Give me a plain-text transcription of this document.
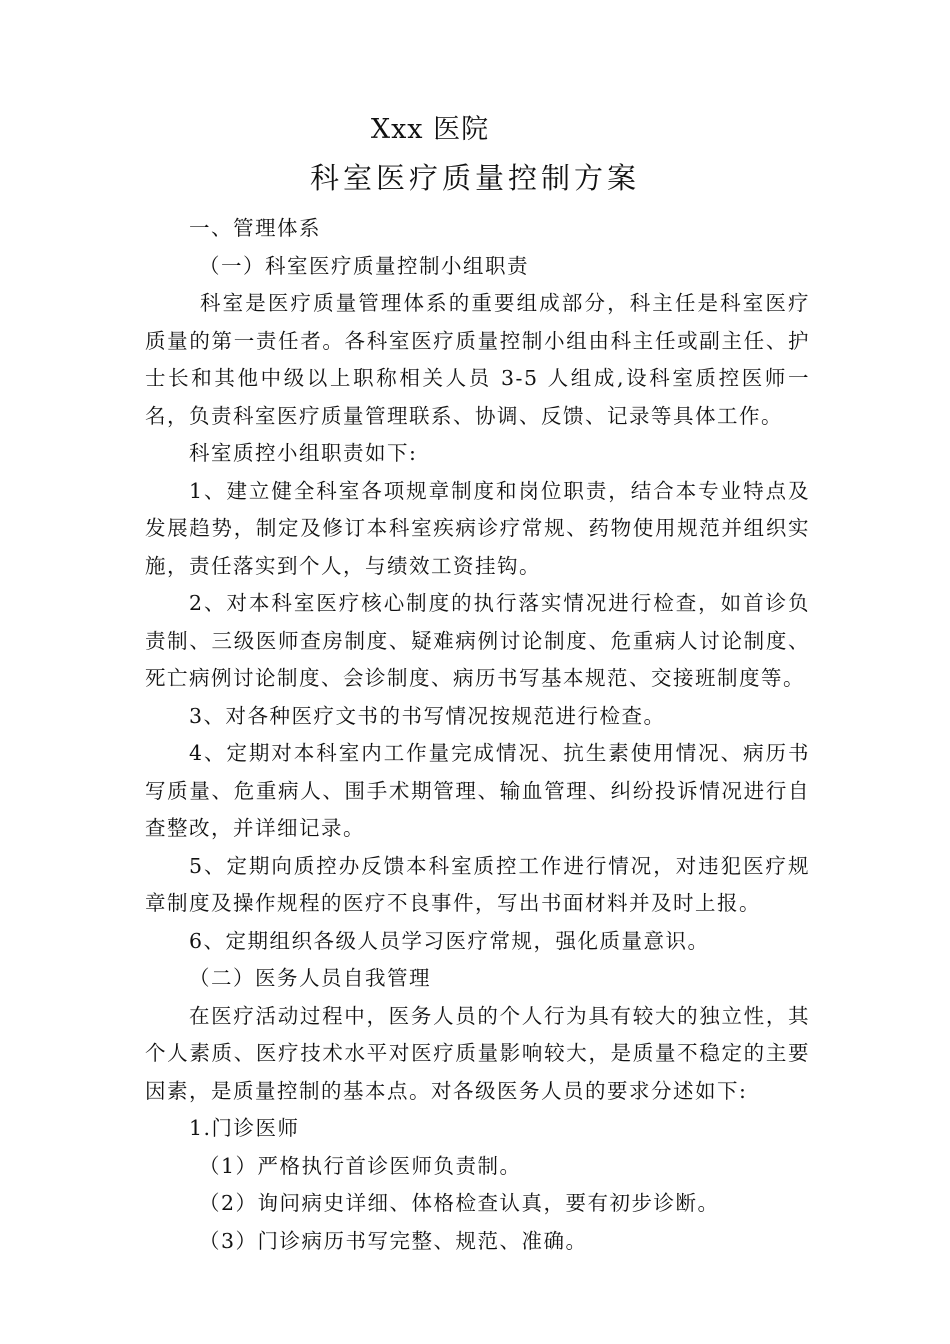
Xxx 医院
科室医疗质量控制方案

一、管理体系

（一）科室医疗质量控制小组职责

科室是医疗质量管理体系的重要组成部分，科主任是科室医疗质量的第一责任者。各科室医疗质量控制小组由科主任或副主任、护士长和其他中级以上职称相关人员 3-5 人组成,设科室质控医师一名，负责科室医疗质量管理联系、协调、反馈、记录等具体工作。

科室质控小组职责如下:

1、建立健全科室各项规章制度和岗位职责，结合本专业特点及发展趋势，制定及修订本科室疾病诊疗常规、药物使用规范并组织实施，责任落实到个人，与绩效工资挂钩。

2、对本科室医疗核心制度的执行落实情况进行检查，如首诊负责制、三级医师查房制度、疑难病例讨论制度、危重病人讨论制度、死亡病例讨论制度、会诊制度、病历书写基本规范、交接班制度等。

3、对各种医疗文书的书写情况按规范进行检查。

4、定期对本科室内工作量完成情况、抗生素使用情况、病历书写质量、危重病人、围手术期管理、输血管理、纠纷投诉情况进行自查整改，并详细记录。

5、定期向质控办反馈本科室质控工作进行情况，对违犯医疗规章制度及操作规程的医疗不良事件，写出书面材料并及时上报。

6、定期组织各级人员学习医疗常规，强化质量意识。

（二）医务人员自我管理

在医疗活动过程中，医务人员的个人行为具有较大的独立性，其个人素质、医疗技术水平对医疗质量影响较大，是质量不稳定的主要因素，是质量控制的基本点。对各级医务人员的要求分述如下:

1.门诊医师

（1）严格执行首诊医师负责制。

（2）询问病史详细、体格检查认真，要有初步诊断。

（3）门诊病历书写完整、规范、准确。
